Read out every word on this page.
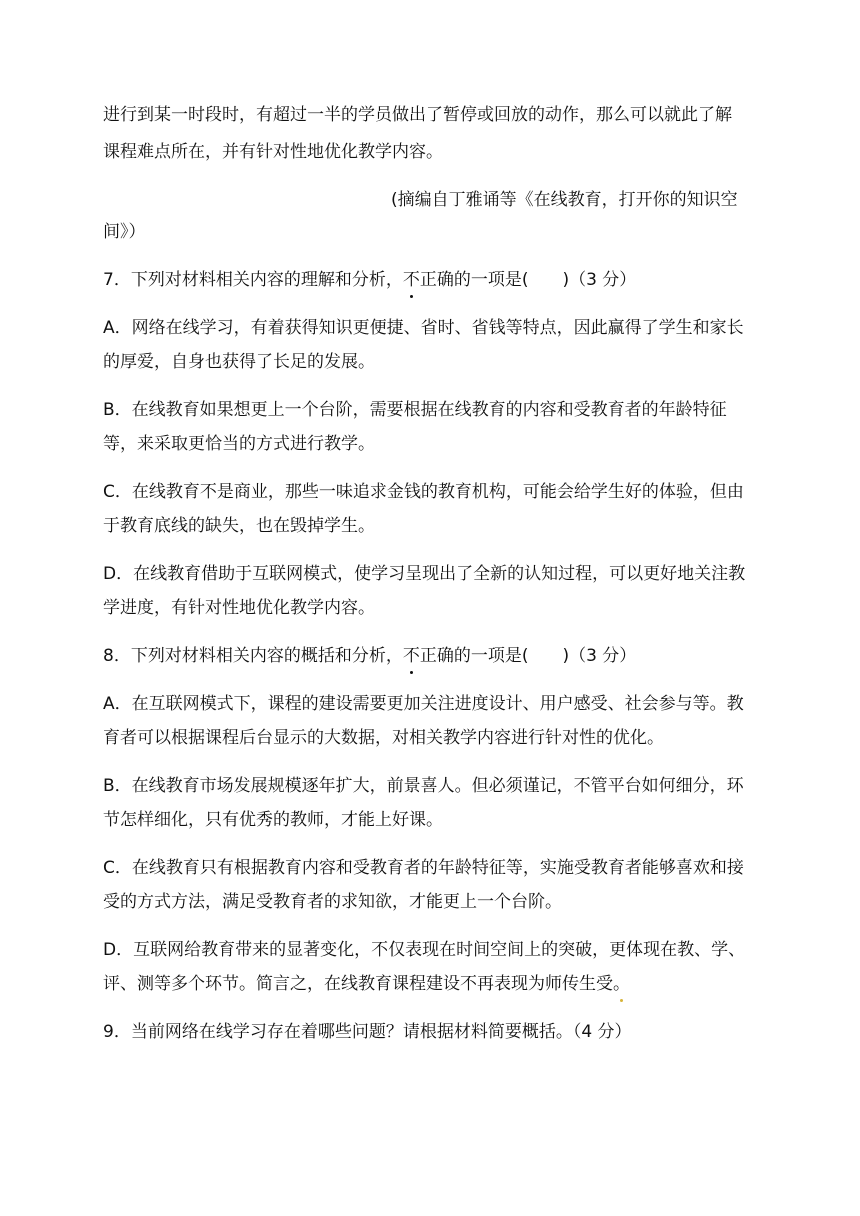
进行到某一时段时，有超过一半的学员做出了暂停或回放的动作，那么可以就此了解

课程难点所在，并有针对性地优化教学内容。

(摘编自丁雅诵等《在线教育，打开你的知识空

间》）

7．下列对材料相关内容的理解和分析，不正确的一项是(　　)（3 分）

A．网络在线学习，有着获得知识更便捷、省时、省钱等特点，因此赢得了学生和家长

的厚爱，自身也获得了长足的发展。

B．在线教育如果想更上一个台阶，需要根据在线教育的内容和受教育者的年龄特征

等，来采取更恰当的方式进行教学。

C．在线教育不是商业，那些一味追求金钱的教育机构，可能会给学生好的体验，但由

于教育底线的缺失，也在毁掉学生。

D．在线教育借助于互联网模式，使学习呈现出了全新的认知过程，可以更好地关注教

学进度，有针对性地优化教学内容。

8．下列对材料相关内容的概括和分析，不正确的一项是(　　)（3 分）

A．在互联网模式下，课程的建设需要更加关注进度设计、用户感受、社会参与等。教

育者可以根据课程后台显示的大数据，对相关教学内容进行针对性的优化。

B．在线教育市场发展规模逐年扩大，前景喜人。但必须谨记，不管平台如何细分，环

节怎样细化，只有优秀的教师，才能上好课。

C．在线教育只有根据教育内容和受教育者的年龄特征等，实施受教育者能够喜欢和接

受的方式方法，满足受教育者的求知欲，才能更上一个台阶。

D．互联网给教育带来的显著变化，不仅表现在时间空间上的突破，更体现在教、学、

评、测等多个环节。简言之，在线教育课程建设不再表现为师传生受。

9．当前网络在线学习存在着哪些问题？请根据材料简要概括。（4 分）
